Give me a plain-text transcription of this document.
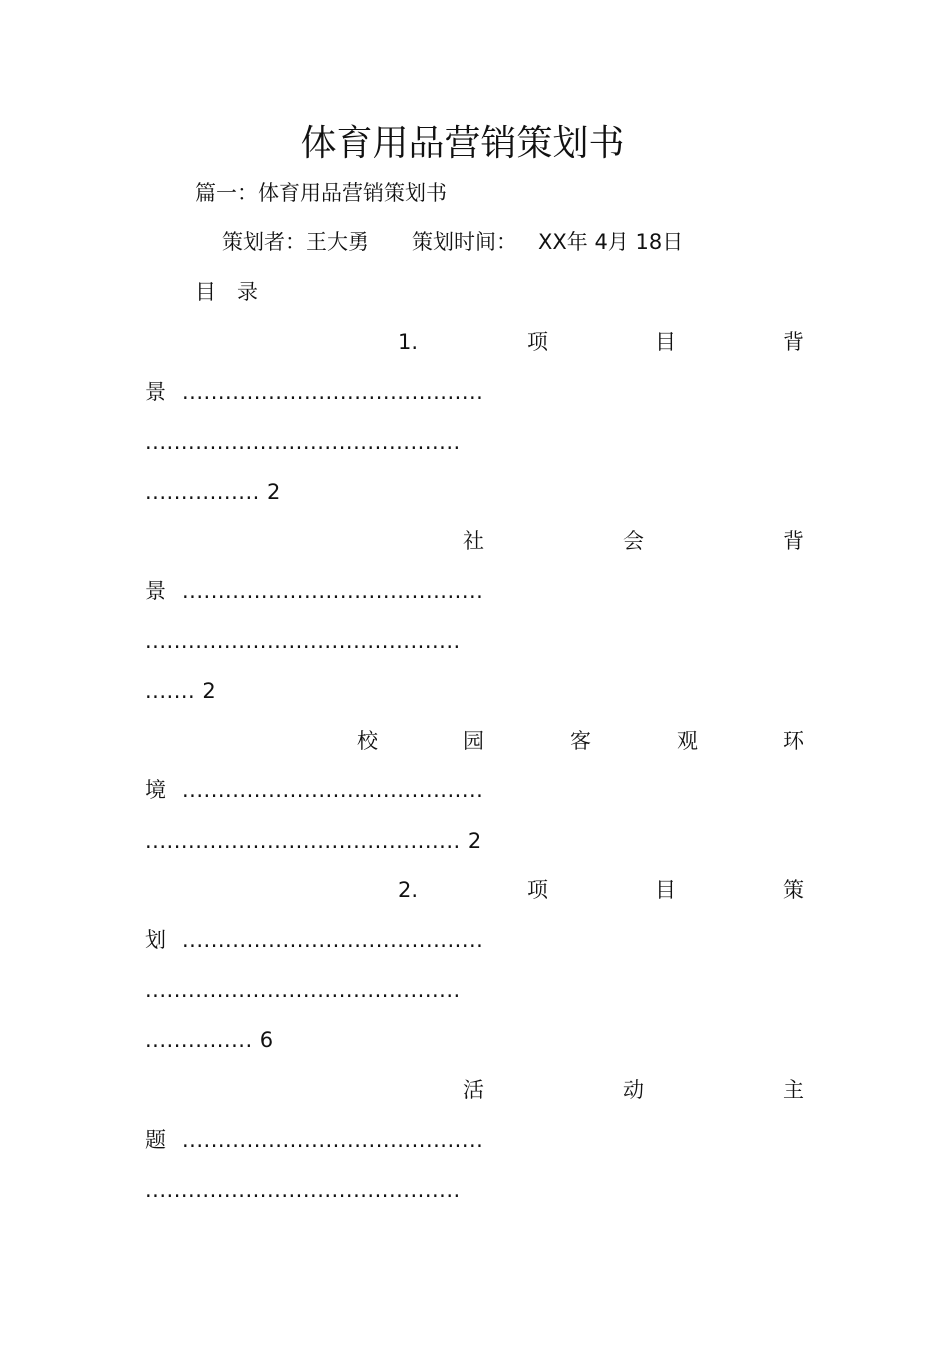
体育用品营销策划书
篇一：体育用品营销策划书
策划者：王大勇 策划时间： XX年 4月 18日
目　录
1.	项	目	背
景 ..........................................
............................................
................ 2
社	会	背
景 ..........................................
............................................
....... 2
校	园	客	观	环
境 ..........................................
............................................ 2
2.	项	目	策
划 ..........................................
............................................
............... 6
活	动	主
题 ..........................................
............................................
